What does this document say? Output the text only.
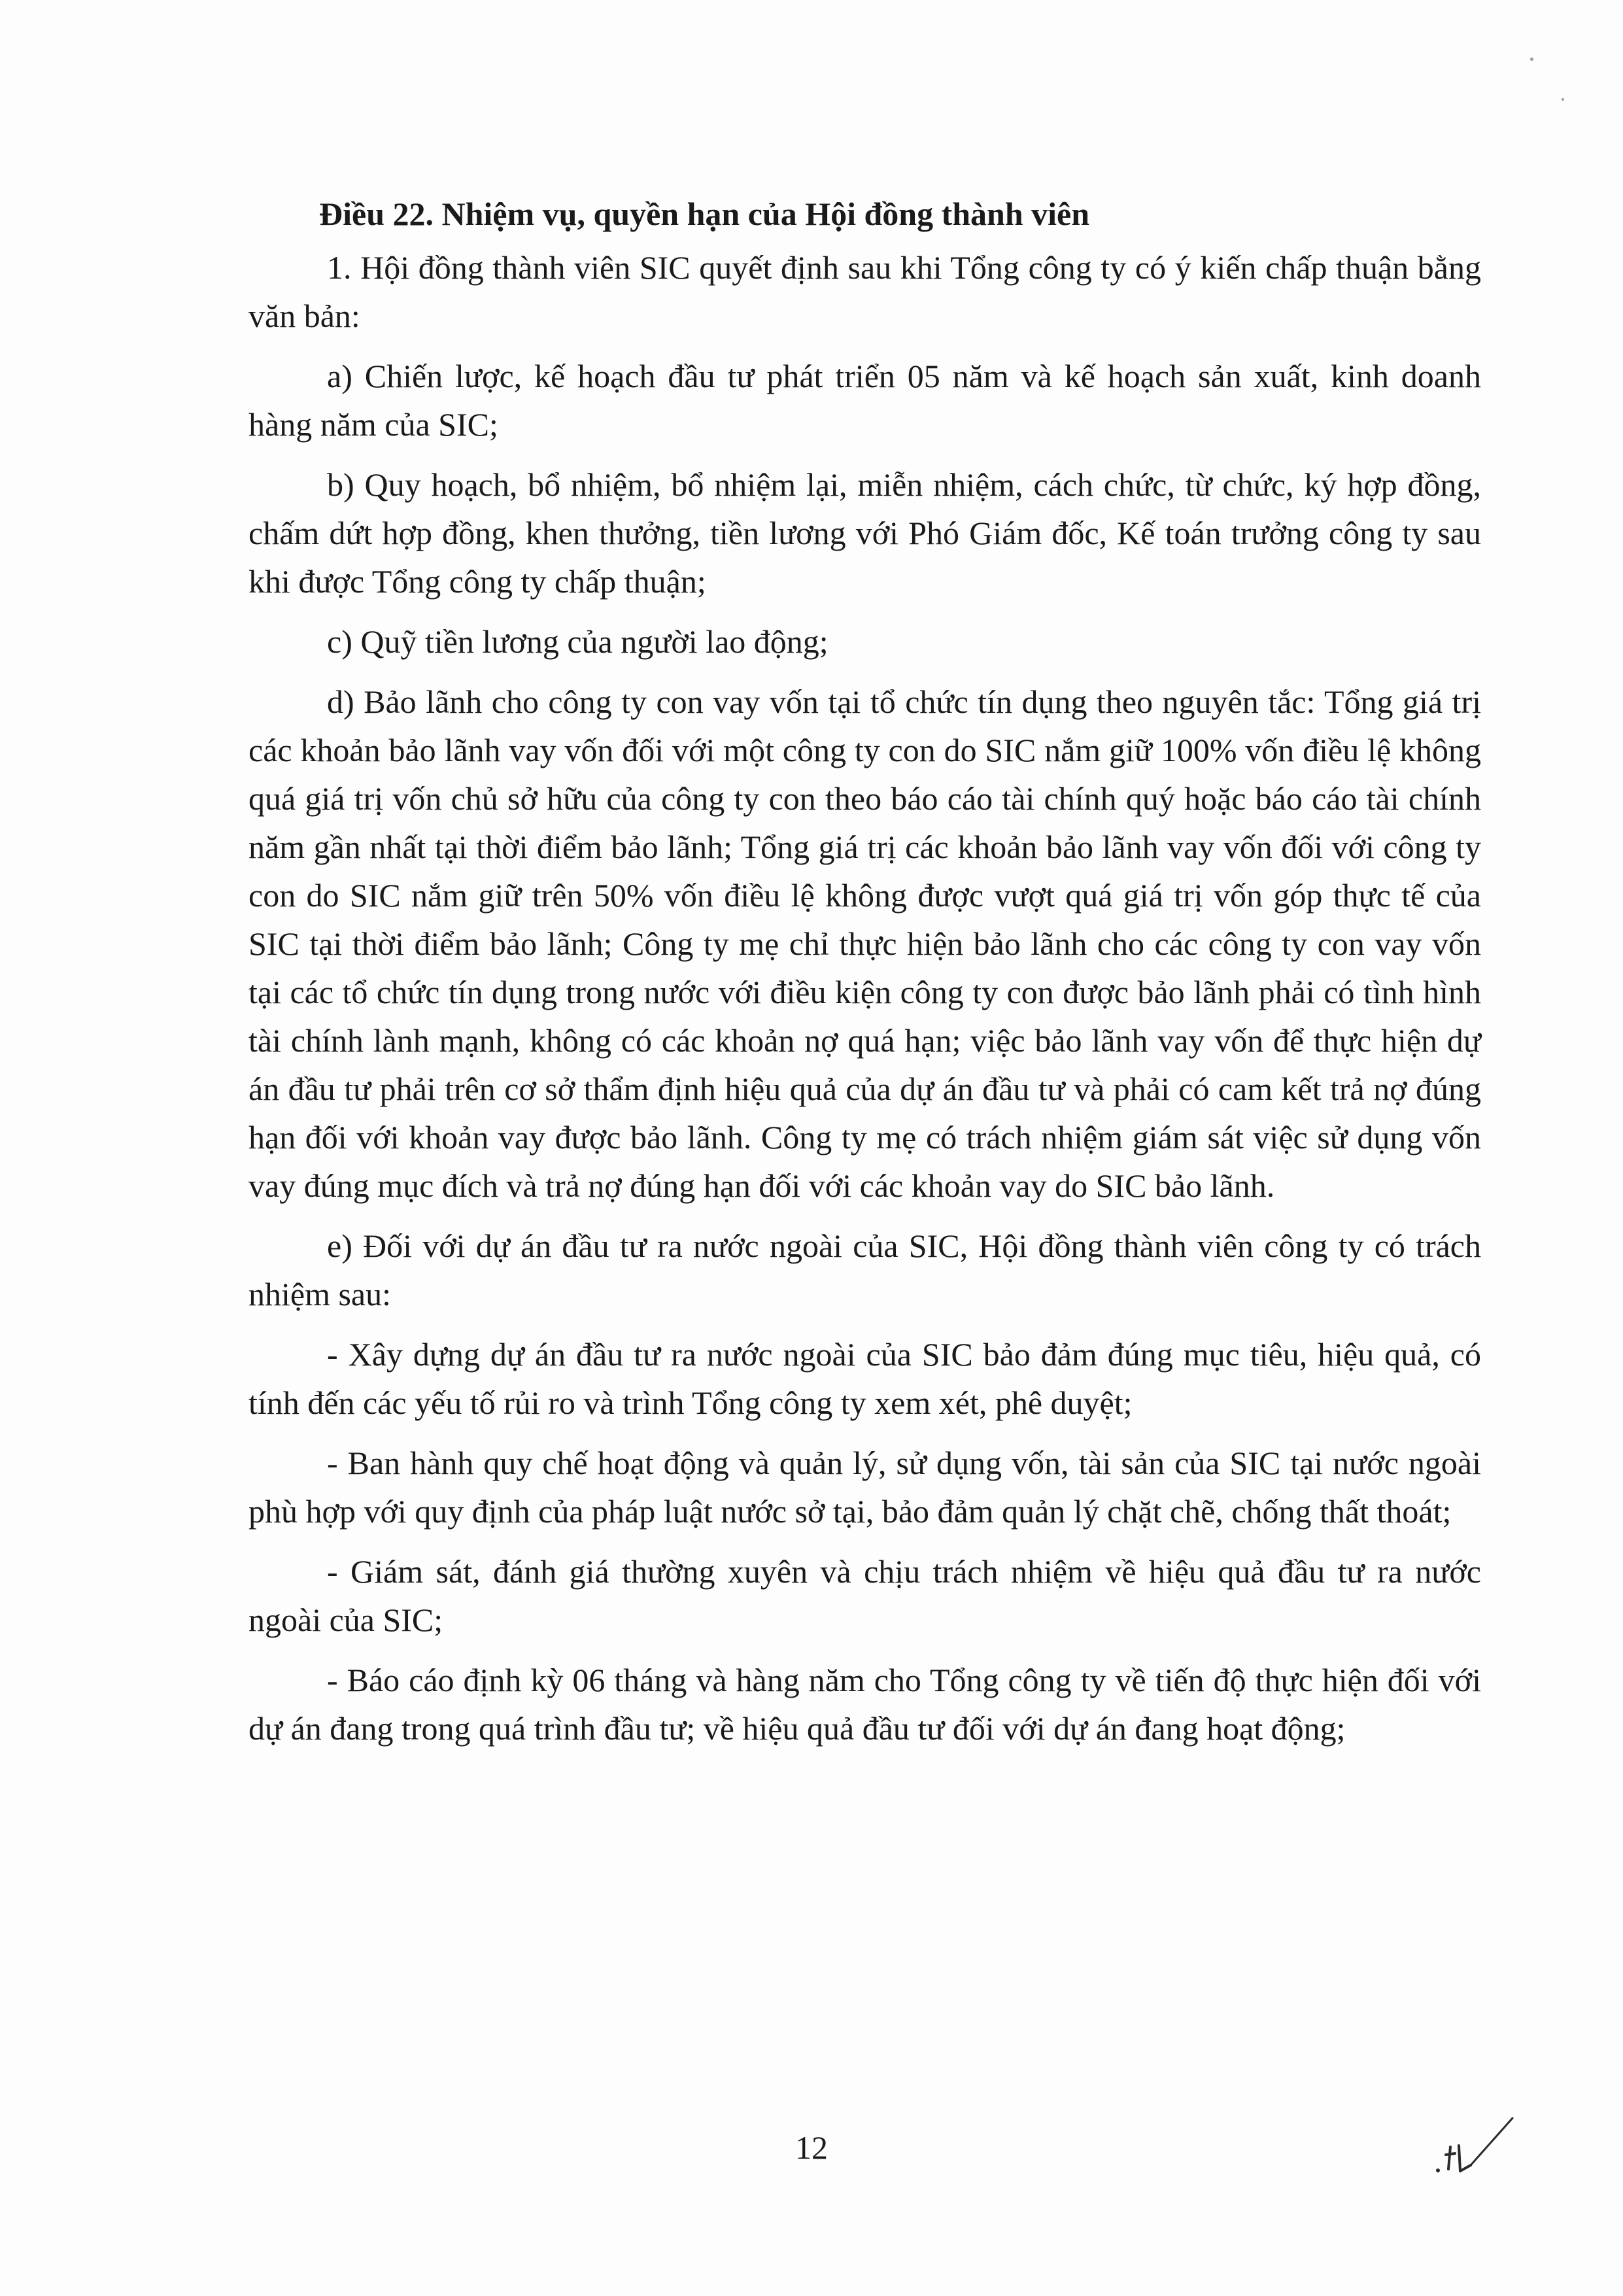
Điều 22. Nhiệm vụ, quyền hạn của Hội đồng thành viên

1. Hội đồng thành viên SIC quyết định sau khi Tổng công ty có ý kiến chấp thuận bằng văn bản:

a) Chiến lược, kế hoạch đầu tư phát triển 05 năm và kế hoạch sản xuất, kinh doanh hàng năm của SIC;

b) Quy hoạch, bổ nhiệm, bổ nhiệm lại, miễn nhiệm, cách chức, từ chức, ký hợp đồng, chấm dứt hợp đồng, khen thưởng, tiền lương với Phó Giám đốc, Kế toán trưởng công ty sau khi được Tổng công ty chấp thuận;

c) Quỹ tiền lương của người lao động;

d) Bảo lãnh cho công ty con vay vốn tại tổ chức tín dụng theo nguyên tắc: Tổng giá trị các khoản bảo lãnh vay vốn đối với một công ty con do SIC nắm giữ 100% vốn điều lệ không quá giá trị vốn chủ sở hữu của công ty con theo báo cáo tài chính quý hoặc báo cáo tài chính năm gần nhất tại thời điểm bảo lãnh; Tổng giá trị các khoản bảo lãnh vay vốn đối với công ty con do SIC nắm giữ trên 50% vốn điều lệ không được vượt quá giá trị vốn góp thực tế của SIC tại thời điểm bảo lãnh; Công ty mẹ chỉ thực hiện bảo lãnh cho các công ty con vay vốn tại các tổ chức tín dụng trong nước với điều kiện công ty con được bảo lãnh phải có tình hình tài chính lành mạnh, không có các khoản nợ quá hạn; việc bảo lãnh vay vốn để thực hiện dự án đầu tư phải trên cơ sở thẩm định hiệu quả của dự án đầu tư và phải có cam kết trả nợ đúng hạn đối với khoản vay được bảo lãnh. Công ty mẹ có trách nhiệm giám sát việc sử dụng vốn vay đúng mục đích và trả nợ đúng hạn đối với các khoản vay do SIC bảo lãnh.

e) Đối với dự án đầu tư ra nước ngoài của SIC, Hội đồng thành viên công ty có trách nhiệm sau:

- Xây dựng dự án đầu tư ra nước ngoài của SIC bảo đảm đúng mục tiêu, hiệu quả, có tính đến các yếu tố rủi ro và trình Tổng công ty xem xét, phê duyệt;

- Ban hành quy chế hoạt động và quản lý, sử dụng vốn, tài sản của SIC tại nước ngoài phù hợp với quy định của pháp luật nước sở tại, bảo đảm quản lý chặt chẽ, chống thất thoát;

- Giám sát, đánh giá thường xuyên và chịu trách nhiệm về hiệu quả đầu tư ra nước ngoài của SIC;

- Báo cáo định kỳ 06 tháng và hàng năm cho Tổng công ty về tiến độ thực hiện đối với dự án đang trong quá trình đầu tư; về hiệu quả đầu tư đối với dự án đang hoạt động;

12
